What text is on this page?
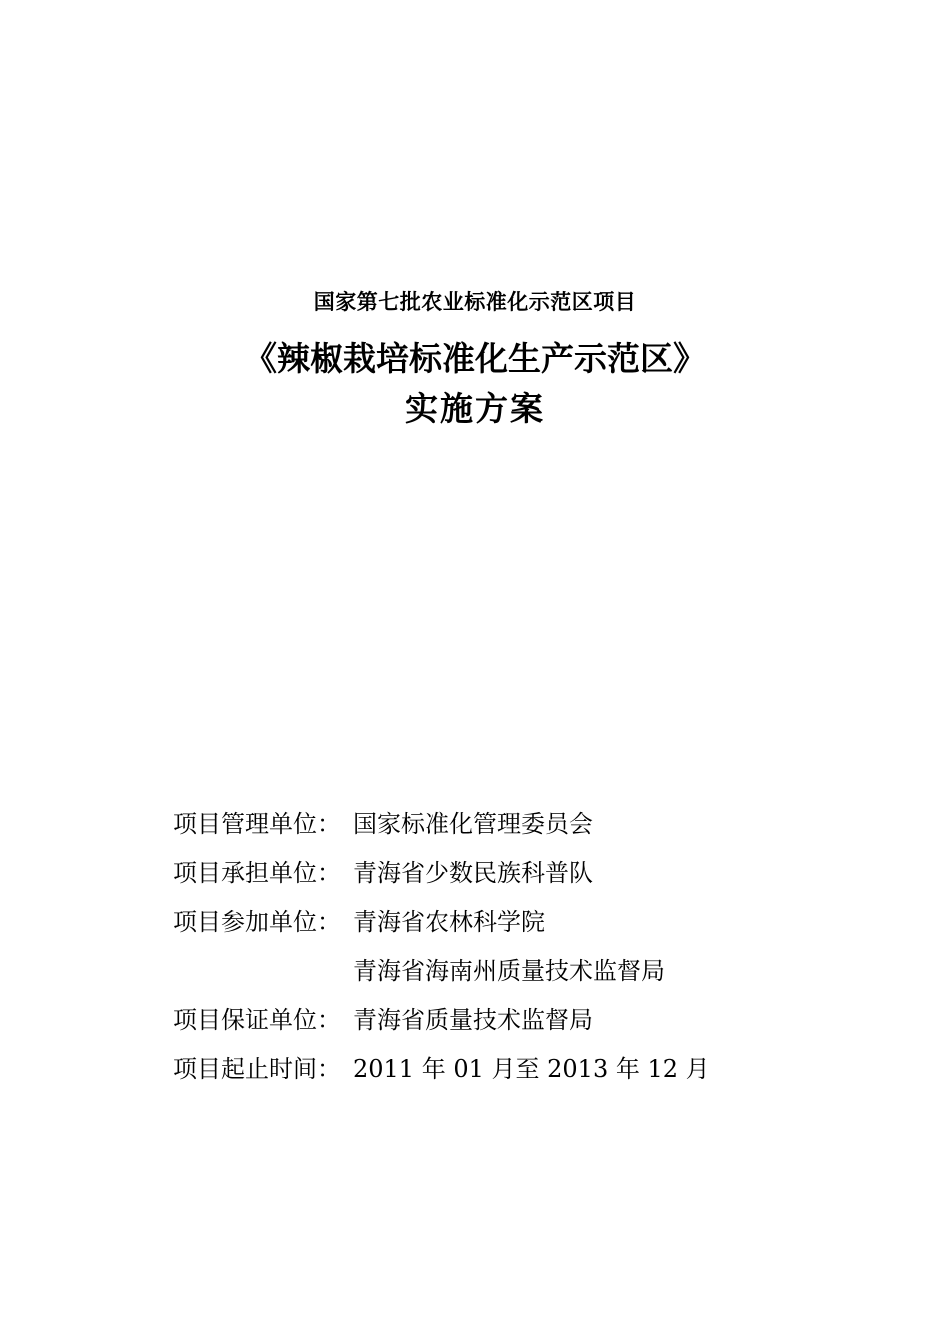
国家第七批农业标准化示范区项目
《辣椒栽培标准化生产示范区》
实施方案
项目管理单位： 国家标准化管理委员会
项目承担单位： 青海省少数民族科普队
项目参加单位： 青海省农林科学院
青海省海南州质量技术监督局
项目保证单位： 青海省质量技术监督局
项目起止时间： 2011 年 01 月至 2013 年 12 月
